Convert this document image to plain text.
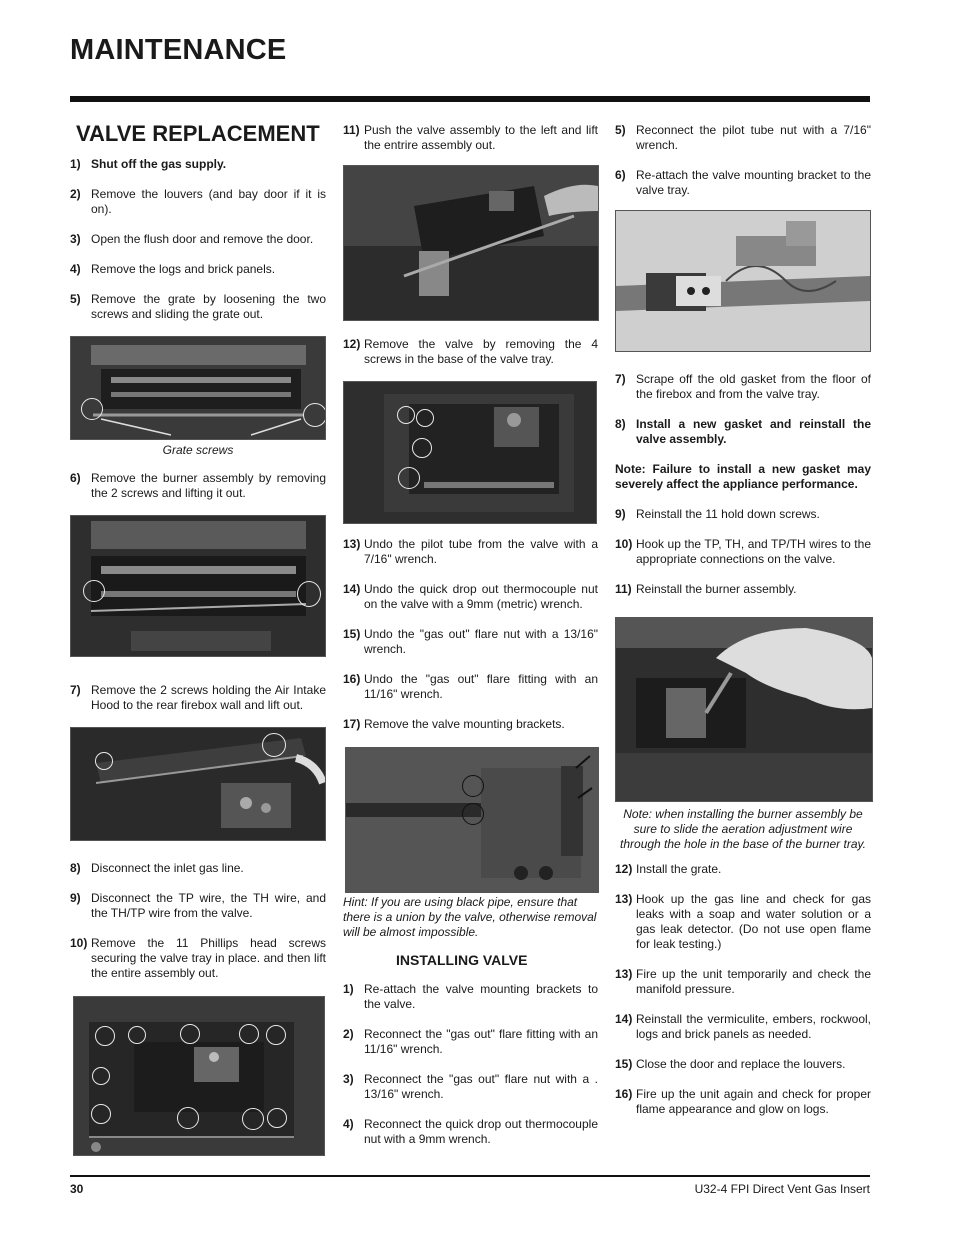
MAINTENANCE
VALVE REPLACEMENT
1) Shut off the gas supply.
2) Remove the louvers (and bay door if it is on).
3) Open the flush door and remove the door.
4) Remove the logs and brick panels.
5) Remove the grate by loosening the two screws and sliding the grate out.
Grate screws
6) Remove the burner assembly by removing the 2 screws and lifting it out.
7) Remove the 2 screws holding the Air Intake Hood to the rear firebox wall and lift out.
8) Disconnect the inlet gas line.
9) Disconnect the TP wire, the TH wire, and the TH/TP wire from the valve.
10) Remove the 11 Phillips head screws securing the valve tray in place. and then lift the entire assembly out.
11) Push the valve assembly to the left and lift the entrire assembly out.
12) Remove the valve by removing the 4 screws in the base of the valve tray.
13) Undo the pilot tube from the valve with a 7/16" wrench.
14) Undo the quick drop out thermocouple nut on the valve with a 9mm (metric) wrench.
15) Undo the "gas out" flare nut with a 13/16" wrench.
16) Undo the "gas out" flare fitting with an 11/16" wrench.
17) Remove the valve mounting brackets.
Hint: If you are using black pipe, ensure that there is a union by the valve, otherwise removal will be almost impossible.
INSTALLING VALVE
1) Re-attach the valve mounting brackets to the valve.
2) Reconnect the "gas out" flare fitting with an 11/16" wrench.
3) Reconnect the "gas out" flare nut with a . 13/16" wrench.
4) Reconnect the quick drop out thermocouple nut with a 9mm wrench.
5) Reconnect the pilot tube nut with a 7/16" wrench.
6) Re-attach the valve mounting bracket to the valve tray.
7) Scrape off the old gasket from the floor of the firebox and from the valve tray.
8) Install a new gasket and reinstall the valve assembly.
Note: Failure to install a new gasket may severely affect the appliance performance.
9) Reinstall the 11 hold down screws.
10) Hook up the TP, TH, and TP/TH wires to the appropriate connections on the valve.
11) Reinstall the burner assembly.
Note: when installing the burner assembly be sure to slide the aeration adjustment wire through the hole in the base of the burner tray.
12) Install the grate.
13) Hook up the gas line and check for gas leaks with a soap and water solution or a gas leak detector. (Do not use open flame for leak testing.)
13) Fire up the unit temporarily and check the manifold pressure.
14) Reinstall the vermiculite, embers, rockwool, logs and brick panels as needed.
15) Close the door and replace the louvers.
16) Fire up the unit again and check for proper flame appearance and glow on logs.
30	U32-4 FPI Direct Vent Gas Insert
